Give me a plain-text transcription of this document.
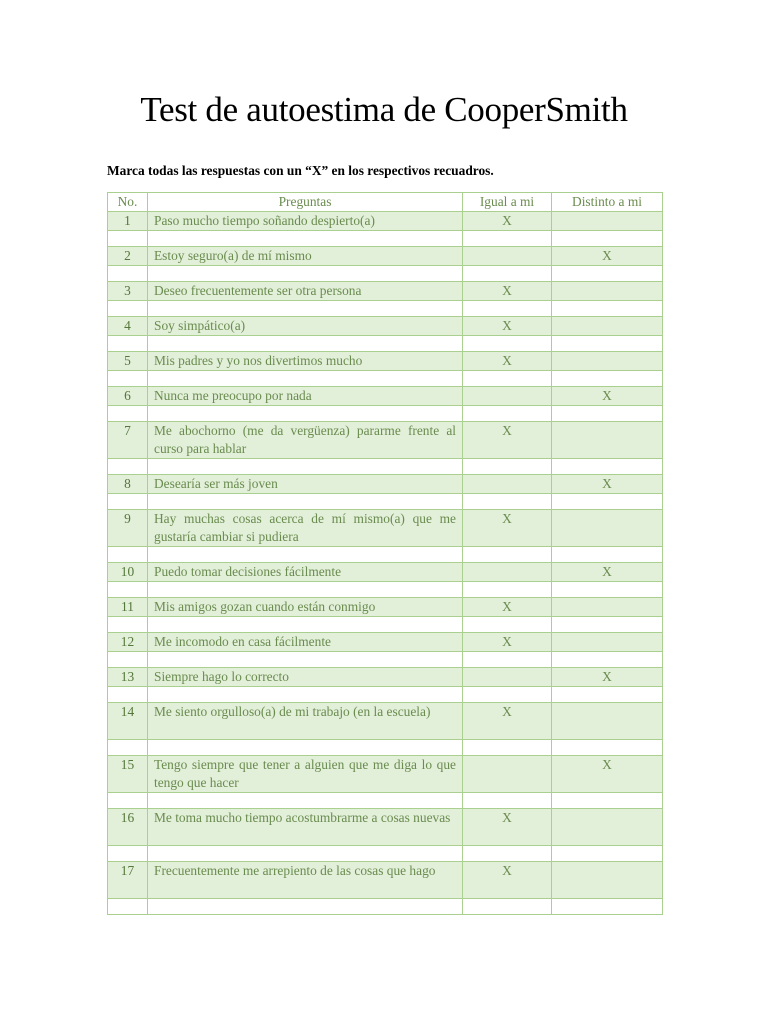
Test de autoestima de CooperSmith
Marca todas las respuestas con un “X” en los respectivos recuadros.
No.	Preguntas	Igual a mi	Distinto a mi
1	Paso mucho tiempo soñando despierto(a)	X	

2	Estoy seguro(a) de mí mismo		X

3	Deseo frecuentemente ser otra persona	X	

4	Soy simpático(a)	X	

5	Mis padres y yo nos divertimos mucho	X	

6	Nunca me preocupo por nada		X

7	Me abochorno (me da vergüenza) pararme frente al curso para hablar	X	

8	Desearía ser más joven		X

9	Hay muchas cosas acerca de mí mismo(a) que me gustaría cambiar si pudiera	X	

10	Puedo tomar decisiones fácilmente		X

11	Mis amigos gozan cuando están conmigo	X	

12	Me incomodo en casa fácilmente	X	

13	Siempre hago lo correcto		X

14	Me siento orgulloso(a) de mi trabajo (en la escuela)	X	

15	Tengo siempre que tener a alguien que me diga lo que tengo que hacer		X

16	Me toma mucho tiempo acostumbrarme a cosas nuevas	X	

17	Frecuentemente me arrepiento de las cosas que hago	X	
